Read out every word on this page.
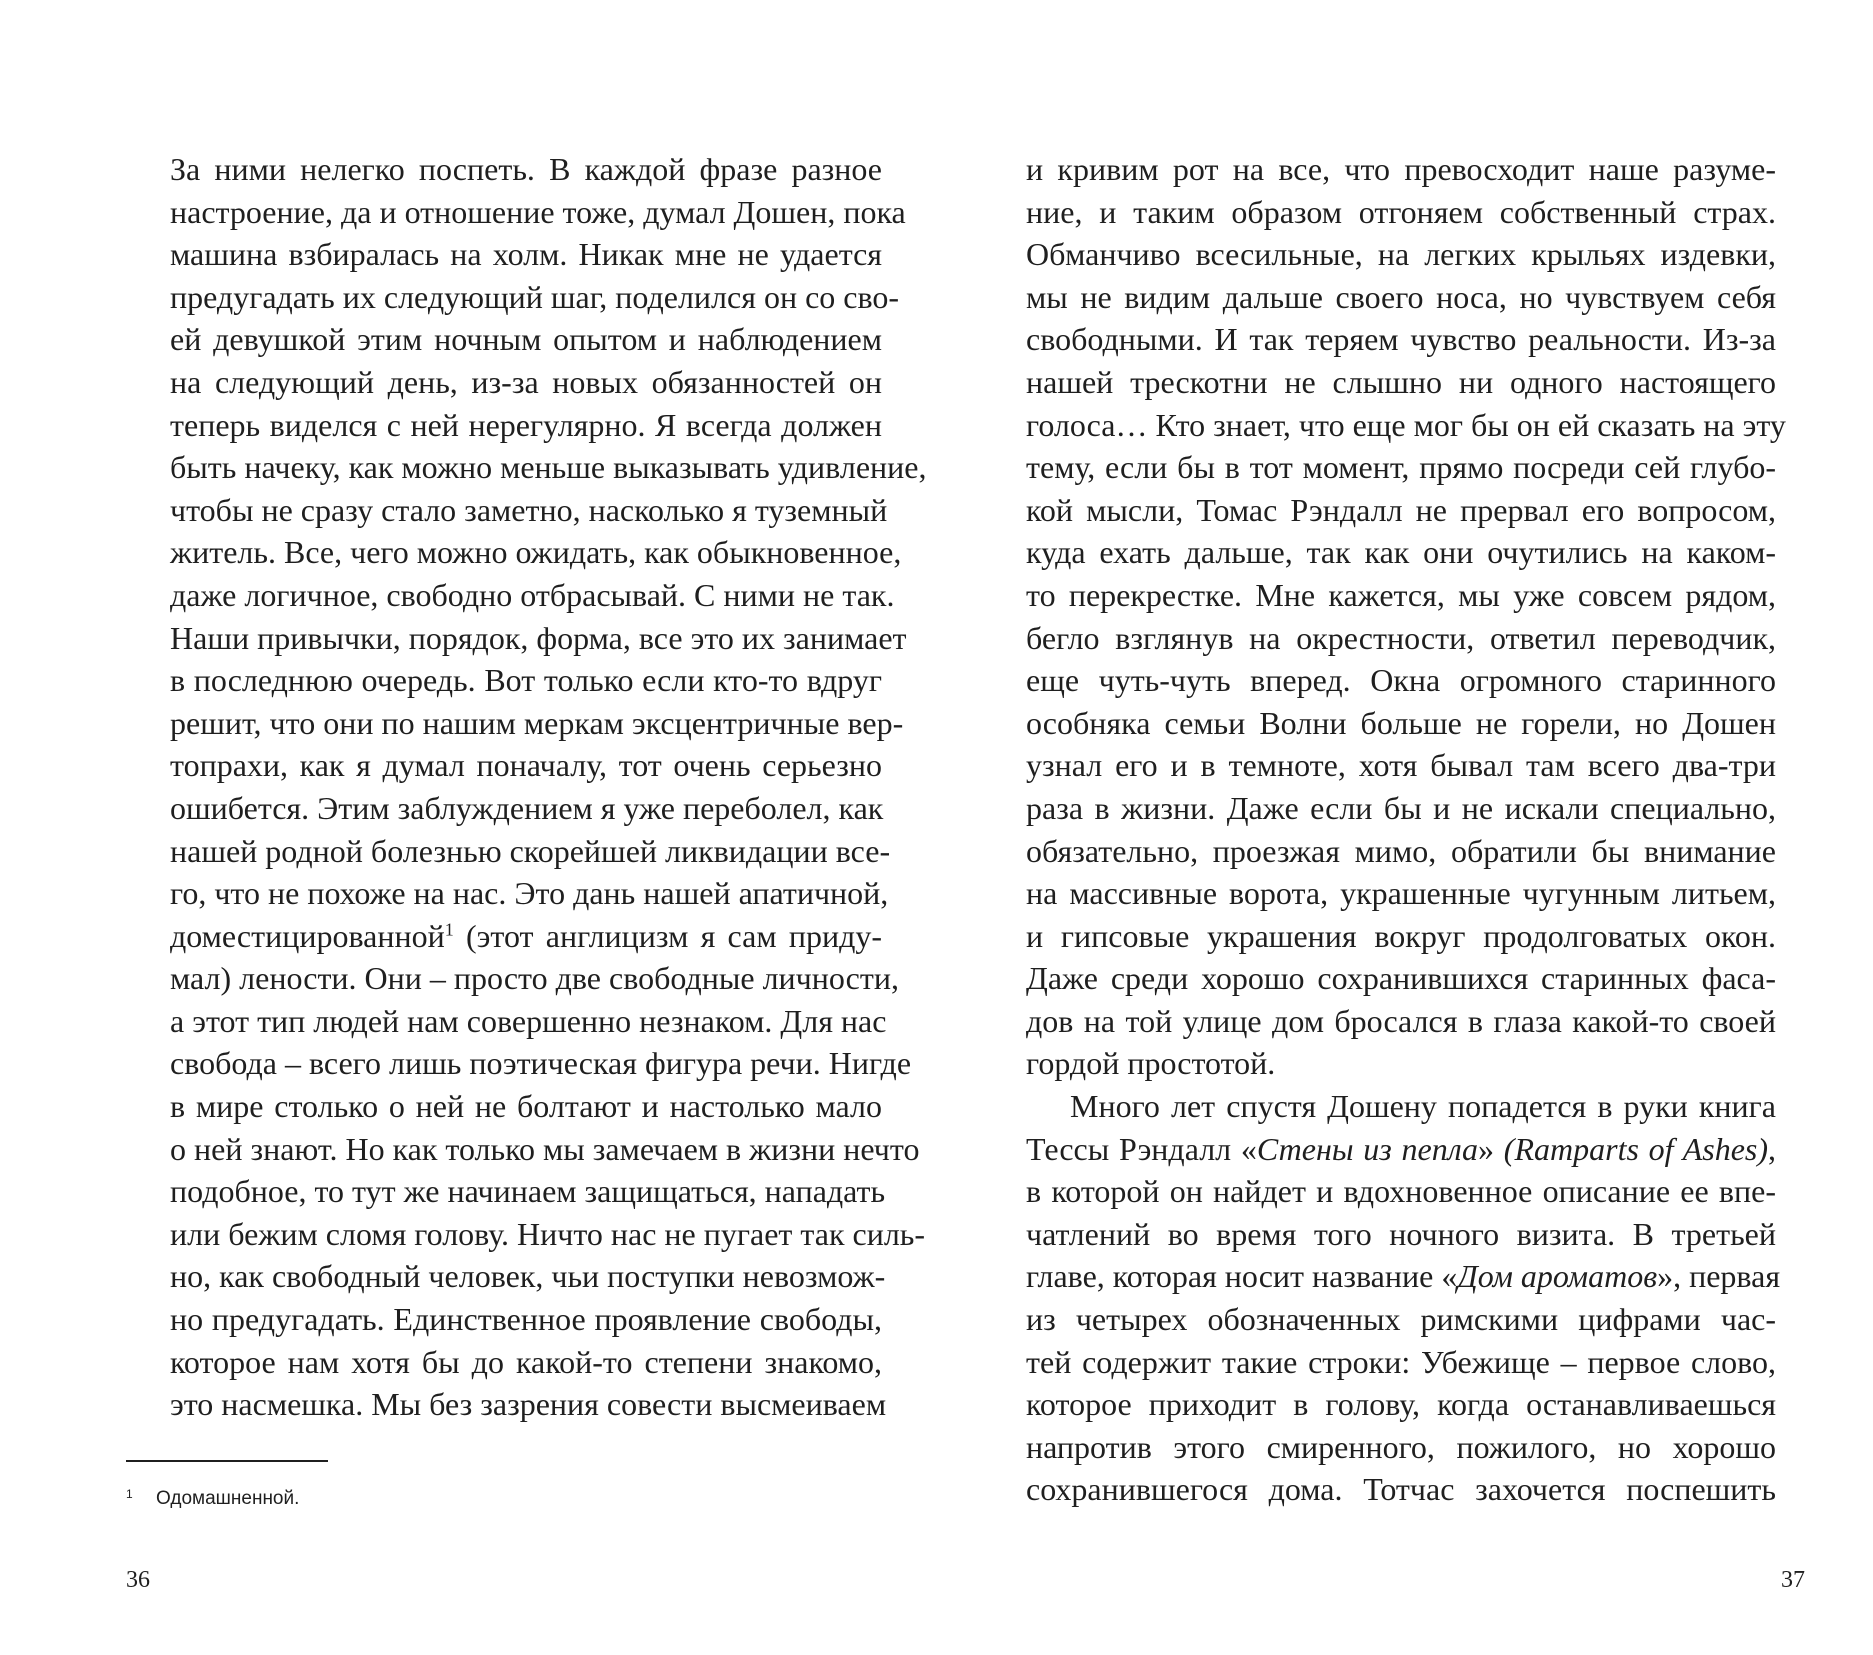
За ними нелегко поспеть. В каждой фразе разное
настроение, да и отношение тоже, думал Дошен, пока
машина взбиралась на холм. Никак мне не удается
предугадать их следующий шаг, поделился он со сво-
ей девушкой этим ночным опытом и наблюдением
на следующий день, из-за новых обязанностей он
теперь виделся с ней нерегулярно. Я всегда должен
быть начеку, как можно меньше выказывать удивление,
чтобы не сразу стало заметно, насколько я туземный
житель. Все, чего можно ожидать, как обыкновенное,
даже логичное, свободно отбрасывай. С ними не так.
Наши привычки, порядок, форма, все это их занимает
в последнюю очередь. Вот только если кто-то вдруг
решит, что они по нашим меркам эксцентричные вер-
топрахи, как я думал поначалу, тот очень серьезно
ошибется. Этим заблуждением я уже переболел, как
нашей родной болезнью скорейшей ликвидации все-
го, что не похоже на нас. Это дань нашей апатичной,
доместицированной$^1$ (этот англицизм я сам приду-
мал) лености. Они – просто две свободные личности,
а этот тип людей нам совершенно незнаком. Для нас
свобода – всего лишь поэтическая фигура речи. Нигде
в мире столько о ней не болтают и настолько мало
о ней знают. Но как только мы замечаем в жизни нечто
подобное, то тут же начинаем защищаться, нападать
или бежим сломя голову. Ничто нас не пугает так силь-
но, как свободный человек, чьи поступки невозмож-
но предугадать. Единственное проявление свободы,
которое нам хотя бы до какой-то степени знакомо,
это насмешка. Мы без зазрения совести высмеиваем

1 Одомашненной.
36

и кривим рот на все, что превосходит наше разуме-
ние, и таким образом отгоняем собственный страх.
Обманчиво всесильные, на легких крыльях издевки,
мы не видим дальше своего носа, но чувствуем себя
свободными. И так теряем чувство реальности. Из-за
нашей трескотни не слышно ни одного настоящего
голоса… Кто знает, что еще мог бы он ей сказать на эту
тему, если бы в тот момент, прямо посреди сей глубо-
кой мысли, Томас Рэндалл не прервал его вопросом,
куда ехать дальше, так как они очутились на каком-
то перекрестке. Мне кажется, мы уже совсем рядом,
бегло взглянув на окрестности, ответил переводчик,
еще чуть-чуть вперед. Окна огромного старинного
особняка семьи Волни больше не горели, но Дошен
узнал его и в темноте, хотя бывал там всего два-три
раза в жизни. Даже если бы и не искали специально,
обязательно, проезжая мимо, обратили бы внимание
на массивные ворота, украшенные чугунным литьем,
и гипсовые украшения вокруг продолговатых окон.
Даже среди хорошо сохранившихся старинных фаса-
дов на той улице дом бросался в глаза какой-то своей
гордой простотой.

Много лет спустя Дошену попадется в руки книга
Тессы Рэндалл «Стены из пепла» (Ramparts of Ashes),
в которой он найдет и вдохновенное описание ее впе-
чатлений во время того ночного визита. В третьей
главе, которая носит название «Дом ароматов», первая
из четырех обозначенных римскими цифрами час-
тей содержит такие строки: Убежище – первое слово,
которое приходит в голову, когда останавливаешься
напротив этого смиренного, пожилого, но хорошо
сохранившегося дома. Тотчас захочется поспешить

37
